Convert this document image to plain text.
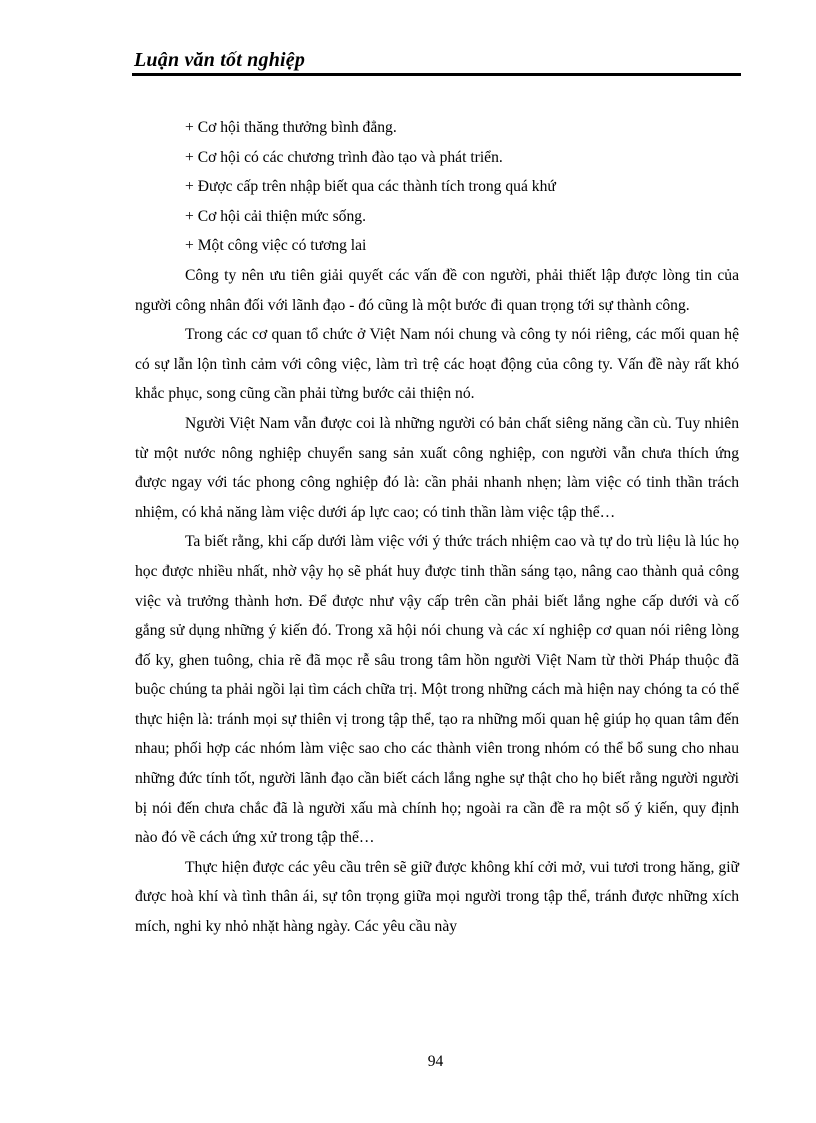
Luận văn tốt nghiệp

+ Cơ hội thăng thưởng bình đẳng.

+ Cơ hội có các chương trình đào tạo và phát triển.

+ Được cấp trên nhập biết qua các thành tích trong quá khứ

+ Cơ hội cải thiện mức sống.

+ Một công việc có tương lai

Công ty nên ưu tiên giải quyết các vấn đề con người, phải thiết lập được lòng tin của người công nhân đối với lãnh đạo - đó cũng là một bước đi quan trọng tới sự thành công.

Trong các cơ quan tổ chức ở Việt Nam nói chung và công ty nói riêng, các mối quan hệ có sự lẫn lộn tình cảm với công việc, làm trì trệ các hoạt động của công ty. Vấn đề này rất khó khắc phục, song cũng cần phải từng bước cải thiện nó.

Người Việt Nam vẫn được coi là những người có bản chất siêng năng cần cù. Tuy nhiên từ một nước nông nghiệp chuyển sang sản xuất công nghiệp, con người vẫn chưa thích ứng được ngay với tác phong công nghiệp đó là: cần phải nhanh nhẹn; làm việc có tinh thần trách nhiệm, có khả năng làm việc dưới áp lực cao; có tinh thần làm việc tập thể…

Ta biết rằng, khi cấp dưới làm việc với ý thức trách nhiệm cao và tự do trù liệu là lúc họ học được nhiều nhất, nhờ vậy họ sẽ phát huy được tinh thần sáng tạo, nâng cao thành quả công việc và trưởng thành hơn. Để được như vậy cấp trên cần phải biết lắng nghe cấp dưới và cố gắng sử dụng những ý kiến đó. Trong xã hội nói chung và các xí nghiệp cơ quan nói riêng lòng đố ky, ghen tuông, chia rẽ đã mọc rễ sâu trong tâm hồn người Việt Nam từ thời Pháp thuộc đã buộc chúng ta phải ngồi lại tìm cách chữa trị. Một trong những cách mà hiện nay chóng ta có thể thực hiện là: tránh mọi sự thiên vị trong tập thể, tạo ra những mối quan hệ giúp họ quan tâm đến nhau; phối hợp các nhóm làm việc sao cho các thành viên trong nhóm có thể bổ sung cho nhau những đức tính tốt, người lãnh đạo cần biết cách lắng nghe sự thật cho họ biết rằng người người bị nói đến chưa chắc đã là người xấu mà chính họ; ngoài ra cần đề ra một số ý kiến, quy định nào đó về cách ứng xử trong tập thể…

Thực hiện được các yêu cầu trên sẽ giữ được không khí cởi mở, vui tươi trong hăng, giữ được hoà khí và tình thân ái, sự tôn trọng giữa mọi người trong tập thể, tránh được những xích mích, nghi ky nhỏ nhặt hàng ngày. Các yêu cầu này

94
